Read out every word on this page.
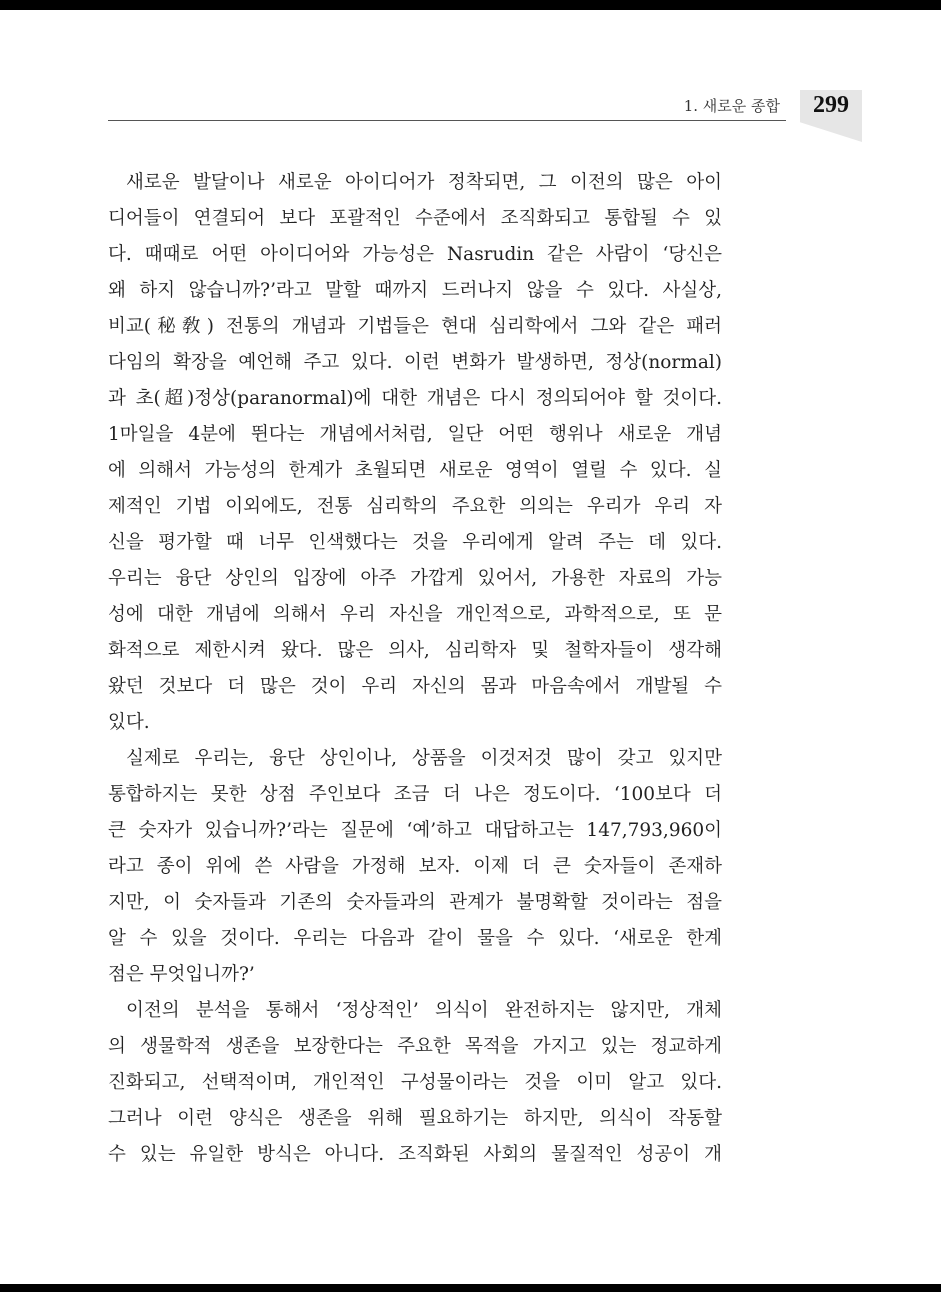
1. 새로운 종합	299
새로운 발달이나 새로운 아이디어가 정착되면, 그 이전의 많은 아이
디어들이 연결되어 보다 포괄적인 수준에서 조직화되고 통합될 수 있
다. 때때로 어떤 아이디어와 가능성은 Nasrudin 같은 사람이 ‘당신은
왜 하지 않습니까?’라고 말할 때까지 드러나지 않을 수 있다. 사실상,
비교(秘敎) 전통의 개념과 기법들은 현대 심리학에서 그와 같은 패러
다임의 확장을 예언해 주고 있다. 이런 변화가 발생하면, 정상(normal)
과 초(超)정상(paranormal)에 대한 개념은 다시 정의되어야 할 것이다.
1마일을 4분에 뛴다는 개념에서처럼, 일단 어떤 행위나 새로운 개념
에 의해서 가능성의 한계가 초월되면 새로운 영역이 열릴 수 있다. 실
제적인 기법 이외에도, 전통 심리학의 주요한 의의는 우리가 우리 자
신을 평가할 때 너무 인색했다는 것을 우리에게 알려 주는 데 있다.
우리는 융단 상인의 입장에 아주 가깝게 있어서, 가용한 자료의 가능
성에 대한 개념에 의해서 우리 자신을 개인적으로, 과학적으로, 또 문
화적으로 제한시켜 왔다. 많은 의사, 심리학자 및 철학자들이 생각해
왔던 것보다 더 많은 것이 우리 자신의 몸과 마음속에서 개발될 수
있다.
실제로 우리는, 융단 상인이나, 상품을 이것저것 많이 갖고 있지만
통합하지는 못한 상점 주인보다 조금 더 나은 정도이다. ‘100보다 더
큰 숫자가 있습니까?’라는 질문에 ‘예’하고 대답하고는 147,793,960이
라고 종이 위에 쓴 사람을 가정해 보자. 이제 더 큰 숫자들이 존재하
지만, 이 숫자들과 기존의 숫자들과의 관계가 불명확할 것이라는 점을
알 수 있을 것이다. 우리는 다음과 같이 물을 수 있다. ‘새로운 한계
점은 무엇입니까?’
이전의 분석을 통해서 ‘정상적인’ 의식이 완전하지는 않지만, 개체
의 생물학적 생존을 보장한다는 주요한 목적을 가지고 있는 정교하게
진화되고, 선택적이며, 개인적인 구성물이라는 것을 이미 알고 있다.
그러나 이런 양식은 생존을 위해 필요하기는 하지만, 의식이 작동할
수 있는 유일한 방식은 아니다. 조직화된 사회의 물질적인 성공이 개
